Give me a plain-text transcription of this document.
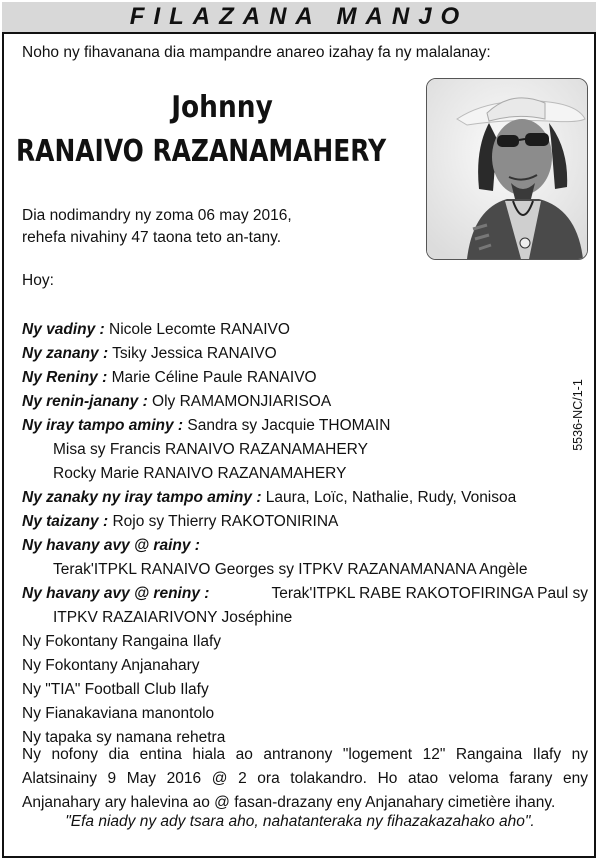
FILAZANA MANJO
Noho ny fihavanana dia mampandre anareo izahay fa ny malalanay:
Johnny
RANAIVO RAZANAMAHERY
Dia nodimandry ny zoma 06 may 2016,
rehefa nivahiny 47 taona teto an-tany.
Hoy:
Ny vadiny : Nicole Lecomte RANAIVO
Ny zanany : Tsiky Jessica RANAIVO
Ny Reniny : Marie Céline Paule RANAIVO
Ny renin-janany : Oly RAMAMONJIARISOA
Ny iray tampo aminy : Sandra sy Jacquie THOMAIN
Misa sy Francis RANAIVO RAZANAMAHERY
Rocky Marie RANAIVO RAZANAMAHERY
Ny zanaky ny iray tampo aminy : Laura, Loïc, Nathalie, Rudy, Vonisoa
Ny taizany : Rojo sy Thierry RAKOTONIRINA
Ny havany avy @ rainy :
Terak'ITPKL RANAIVO Georges sy ITPKV RAZANAMANANA Angèle
Ny havany avy @ reniny :	Terak'ITPKL RABE RAKOTOFIRINGA Paul sy
ITPKV RAZAIARIVONY Joséphine
Ny Fokontany Rangaina Ilafy
Ny Fokontany Anjanahary
Ny "TIA" Football Club Ilafy
Ny Fianakaviana manontolo
Ny tapaka sy namana rehetra
Ny nofony dia entina hiala ao antranony "logement 12" Rangaina Ilafy ny Alatsinainy 9 May 2016 @ 2 ora tolakandro. Ho atao veloma farany eny Anjanahary ary halevina ao @ fasan-drazany eny Anjanahary cimetière ihany.
"Efa niady ny ady tsara aho, nahatanteraka ny fihazakazahako aho".
5536-NC/1-1
